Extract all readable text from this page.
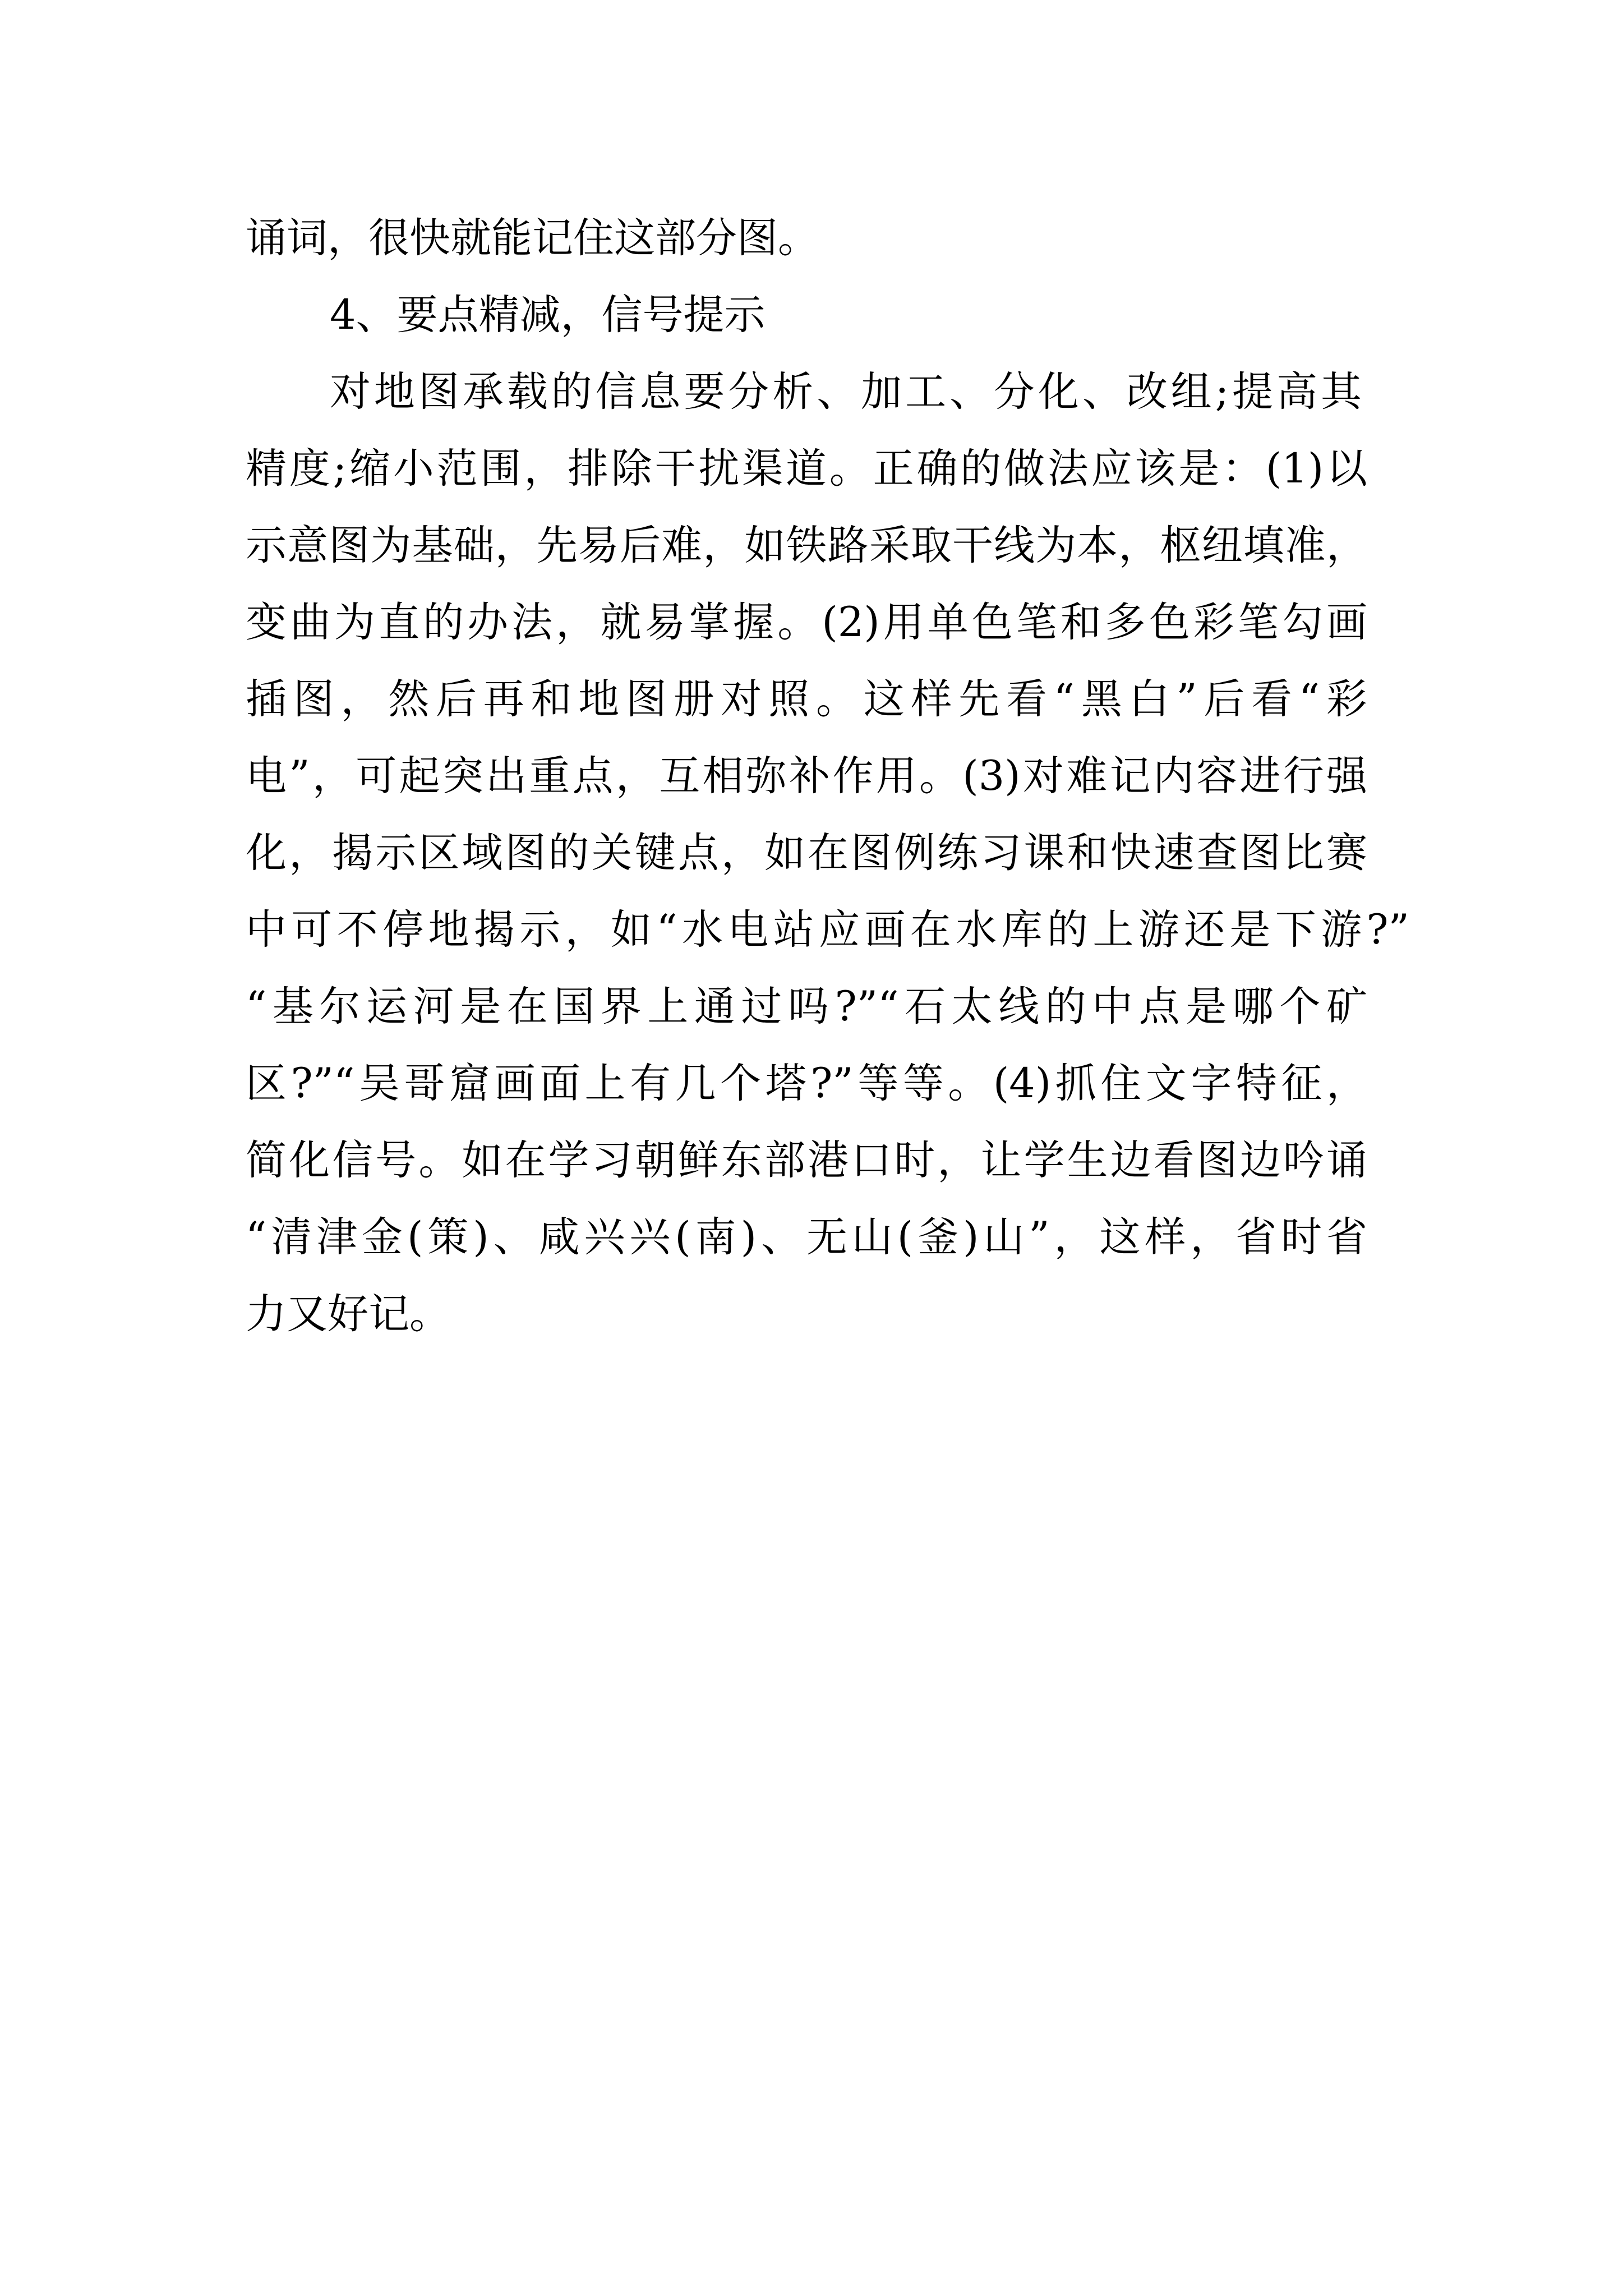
诵词，很快就能记住这部分图。
4、要点精减，信号提示
对地图承载的信息要分析、加工、分化、改组;提高其
精度;缩小范围，排除干扰渠道。正确的做法应该是：(1)以
示意图为基础，先易后难，如铁路采取干线为本，枢纽填准，
变曲为直的办法，就易掌握。(2)用单色笔和多色彩笔勾画
插图，然后再和地图册对照。这样先看“黑白”后看“彩
电”，可起突出重点，互相弥补作用。(3)对难记内容进行强
化，揭示区域图的关键点，如在图例练习课和快速查图比赛
中可不停地揭示，如“水电站应画在水库的上游还是下游?”
“基尔运河是在国界上通过吗?”“石太线的中点是哪个矿
区?”“吴哥窟画面上有几个塔?”等等。(4)抓住文字特征，
简化信号。如在学习朝鲜东部港口时，让学生边看图边吟诵
“清津金(策)、咸兴兴(南)、无山(釜)山”，这样，省时省
力又好记。
